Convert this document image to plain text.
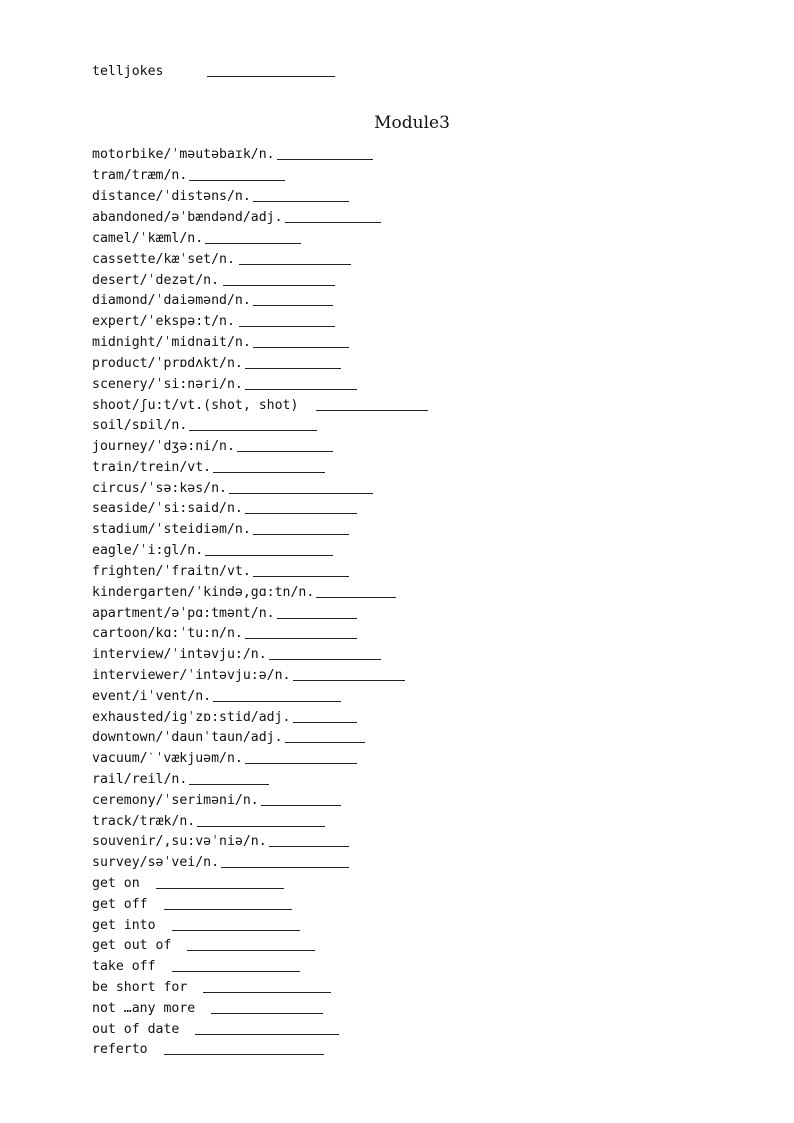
telljokes
Module3
motorbike/ˈməutəbaɪk/n.
tram/træm/n.
distance/ˈdistəns/n.
abandoned/əˈbændənd/adj.
camel/ˈkæml/n.
cassette/kæˈset/n.
desert/ˈdezət/n.
diamond/ˈdaiəmənd/n.
expert/ˈekspə:t/n.
midnight/ˈmidnait/n.
product/ˈprɒdʌkt/n.
scenery/ˈsi:nəri/n.
shoot/ʃu:t/vt.(shot, shot)
soil/sɒil/n.
journey/ˈdʒə:ni/n.
train/trein/vt.
circus/ˈsə:kəs/n.
seaside/ˈsi:said/n.
stadium/ˈsteidiəm/n.
eagle/ˈi:gl/n.
frighten/ˈfraitn/vt.
kindergarten/ˈkində,gɑ:tn/n.
apartment/əˈpɑ:tmənt/n.
cartoon/kɑ:ˈtu:n/n.
interview/ˈintəvju:/n.
interviewer/ˈintəvju:ə/n.
event/iˈvent/n.
exhausted/igˈzɒ:stid/adj.
downtown/ˈdaunˈtaun/adj.
vacuum/ˋˈvækjuəm/n.
rail/reil/n.
ceremony/ˈseriməni/n.
track/træk/n.
souvenir/,su:vəˈniə/n.
survey/səˈvei/n.
get on
get off
get into
get out of
take off
be short for
not …any more
out of date
referto
